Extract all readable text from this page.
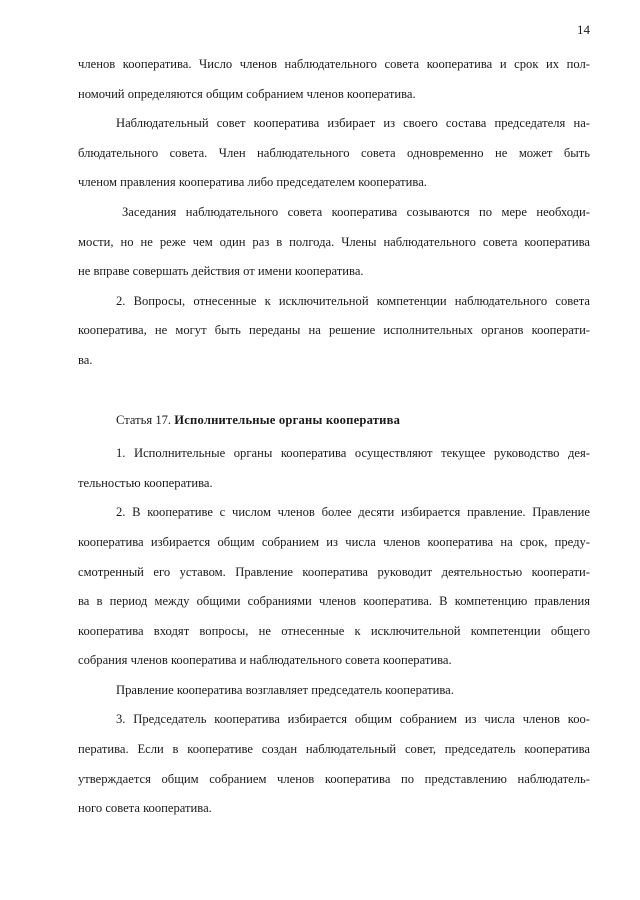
14

членов кооператива. Число членов наблюдательного совета кооператива и срок их пол-

номочий определяются общим собранием членов кооператива.

Наблюдательный совет кооператива избирает из своего состава председателя на-

блюдательного совета. Член наблюдательного совета одновременно не может быть

членом правления кооператива либо председателем кооператива.

Заседания наблюдательного совета кооператива созываются по мере необходи-

мости, но не реже чем один раз в полгода. Члены наблюдательного совета кооператива

не вправе совершать действия от имени кооператива.

2. Вопросы, отнесенные к исключительной компетенции наблюдательного совета

кооператива, не могут быть переданы на решение исполнительных органов кооперати-

ва.

Статья 17. Исполнительные органы кооператива

1. Исполнительные органы кооператива осуществляют текущее руководство дея-

тельностью кооператива.

2. В кооперативе с числом членов более десяти избирается правление. Правление

кооператива избирается общим собранием из числа членов кооператива на срок, преду-

смотренный его уставом. Правление кооператива руководит деятельностью кооперати-

ва в период между общими собраниями членов кооператива. В компетенцию правления

кооператива входят вопросы, не отнесенные к исключительной компетенции общего

собрания членов кооператива и наблюдательного совета кооператива.

Правление кооператива возглавляет председатель кооператива.

3. Председатель кооператива избирается общим собранием из числа членов коо-

ператива. Если в кооперативе создан наблюдательный совет, председатель кооператива

утверждается общим собранием членов кооператива по представлению наблюдатель-

ного совета кооператива.
